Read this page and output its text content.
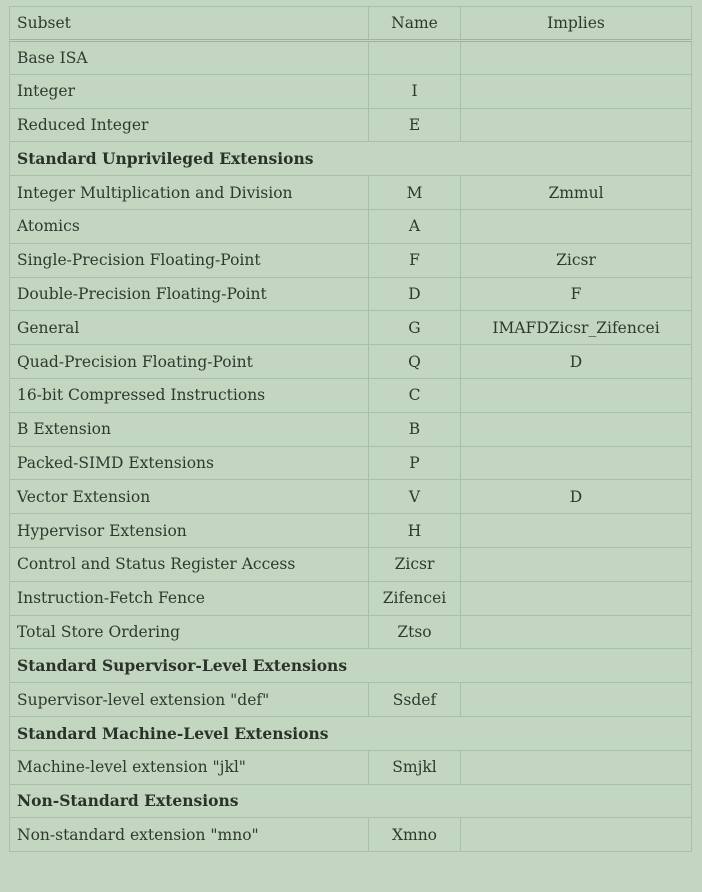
Subset	Name	Implies
Base ISA		
Integer	I	
Reduced Integer	E	
Standard Unprivileged Extensions		
Integer Multiplication and Division	M	Zmmul
Atomics	A	
Single-Precision Floating-Point	F	Zicsr
Double-Precision Floating-Point	D	F
General	G	IMAFDZicsr_Zifencei
Quad-Precision Floating-Point	Q	D
16-bit Compressed Instructions	C	
B Extension	B	
Packed-SIMD Extensions	P	
Vector Extension	V	D
Hypervisor Extension	H	
Control and Status Register Access	Zicsr	
Instruction-Fetch Fence	Zifencei	
Total Store Ordering	Ztso	
Standard Supervisor-Level Extensions		
Supervisor-level extension "def"	Ssdef	
Standard Machine-Level Extensions		
Machine-level extension "jkl"	Smjkl	
Non-Standard Extensions		
Non-standard extension "mno"	Xmno	
